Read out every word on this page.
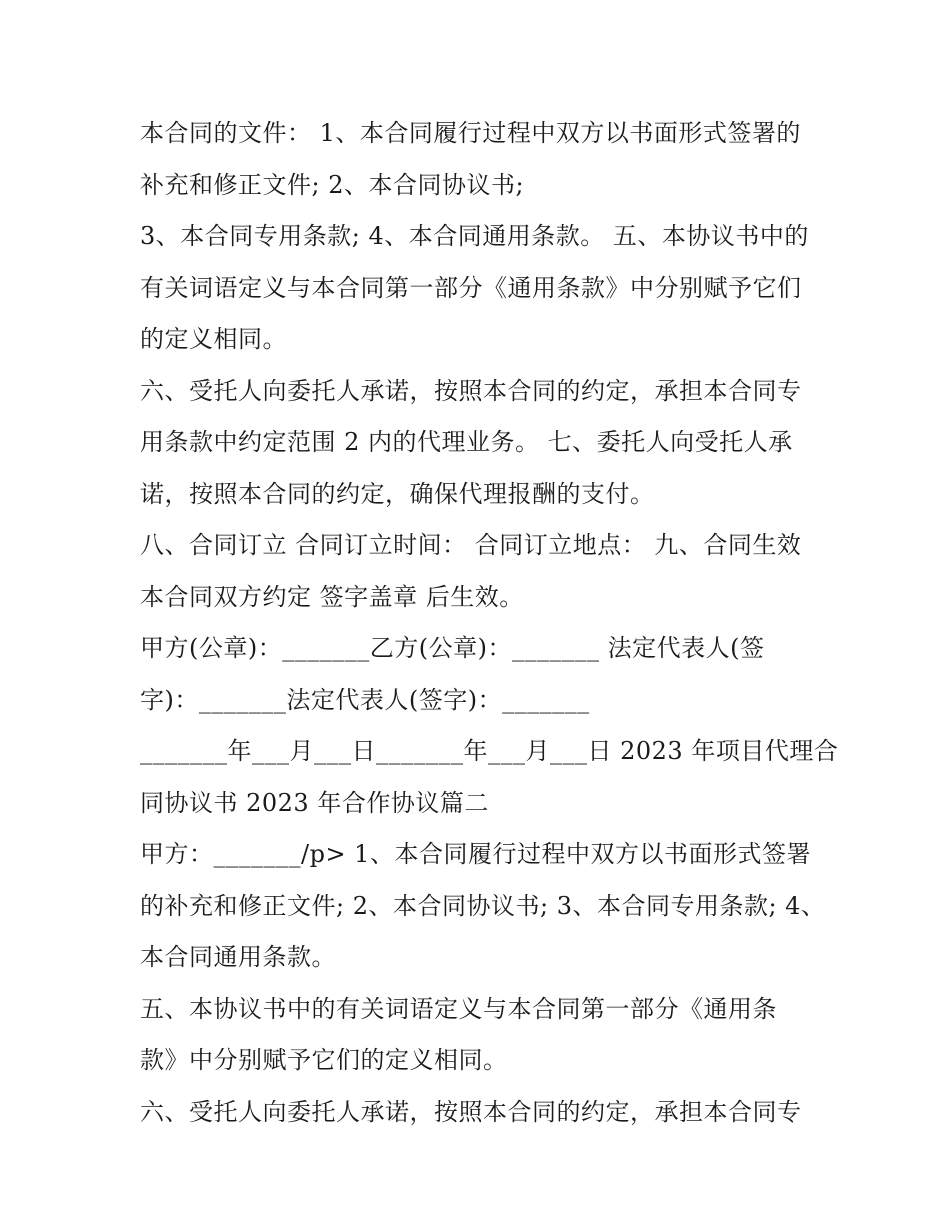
本合同的文件： 1、本合同履行过程中双方以书面形式签署的
补充和修正文件; 2、本合同协议书;
3、本合同专用条款; 4、本合同通用条款。 五、本协议书中的
有关词语定义与本合同第一部分《通用条款》中分别赋予它们
的定义相同。
六、受托人向委托人承诺，按照本合同的约定，承担本合同专
用条款中约定范围 2 内的代理业务。 七、委托人向受托人承
诺，按照本合同的约定，确保代理报酬的支付。
八、合同订立 合同订立时间： 合同订立地点： 九、合同生效
本合同双方约定 签字盖章 后生效。
甲方(公章)：_______乙方(公章)：_______ 法定代表人(签
字)：_______法定代表人(签字)：_______
_______年___月___日_______年___月___日 2023 年项目代理合
同协议书 2023 年合作协议篇二
甲方：_______/p> 1、本合同履行过程中双方以书面形式签署
的补充和修正文件; 2、本合同协议书; 3、本合同专用条款; 4、
本合同通用条款。
五、本协议书中的有关词语定义与本合同第一部分《通用条
款》中分别赋予它们的定义相同。
六、受托人向委托人承诺，按照本合同的约定，承担本合同专
